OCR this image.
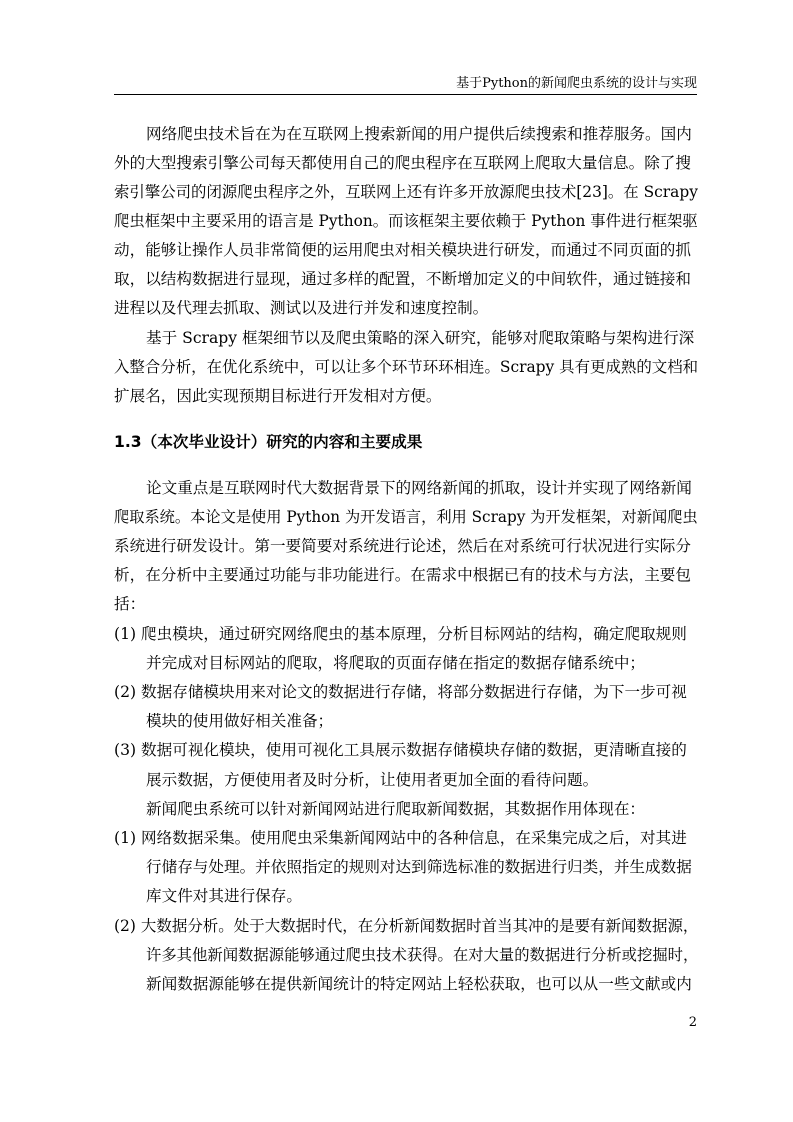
基于Python的新闻爬虫系统的设计与实现
网络爬虫技术旨在为在互联网上搜索新闻的用户提供后续搜索和推荐服务。国内
外的大型搜索引擎公司每天都使用自己的爬虫程序在互联网上爬取大量信息。除了搜
索引擎公司的闭源爬虫程序之外，互联网上还有许多开放源爬虫技术[23]。在 Scrapy
爬虫框架中主要采用的语言是 Python。而该框架主要依赖于 Python 事件进行框架驱
动，能够让操作人员非常简便的运用爬虫对相关模块进行研发，而通过不同页面的抓
取，以结构数据进行显现，通过多样的配置，不断增加定义的中间软件，通过链接和
进程以及代理去抓取、测试以及进行并发和速度控制。
基于 Scrapy 框架细节以及爬虫策略的深入研究，能够对爬取策略与架构进行深
入整合分析，在优化系统中，可以让多个环节环环相连。Scrapy 具有更成熟的文档和
扩展名，因此实现预期目标进行开发相对方便。
1.3（本次毕业设计）研究的内容和主要成果
论文重点是互联网时代大数据背景下的网络新闻的抓取，设计并实现了网络新闻
爬取系统。本论文是使用 Python 为开发语言，利用 Scrapy 为开发框架，对新闻爬虫
系统进行研发设计。第一要简要对系统进行论述，然后在对系统可行状况进行实际分
析，在分析中主要通过功能与非功能进行。在需求中根据已有的技术与方法，主要包
括：
(1) 爬虫模块，通过研究网络爬虫的基本原理，分析目标网站的结构，确定爬取规则
并完成对目标网站的爬取，将爬取的页面存储在指定的数据存储系统中；
(2) 数据存储模块用来对论文的数据进行存储，将部分数据进行存储，为下一步可视
模块的使用做好相关准备；
(3) 数据可视化模块，使用可视化工具展示数据存储模块存储的数据，更清晰直接的
展示数据，方便使用者及时分析，让使用者更加全面的看待问题。
新闻爬虫系统可以针对新闻网站进行爬取新闻数据，其数据作用体现在：
(1) 网络数据采集。使用爬虫采集新闻网站中的各种信息，在采集完成之后，对其进
行储存与处理。并依照指定的规则对达到筛选标准的数据进行归类，并生成数据
库文件对其进行保存。
(2) 大数据分析。处于大数据时代，在分析新闻数据时首当其冲的是要有新闻数据源，
许多其他新闻数据源能够通过爬虫技术获得。在对大量的数据进行分析或挖掘时，
新闻数据源能够在提供新闻统计的特定网站上轻松获取，也可以从一些文献或内
2
